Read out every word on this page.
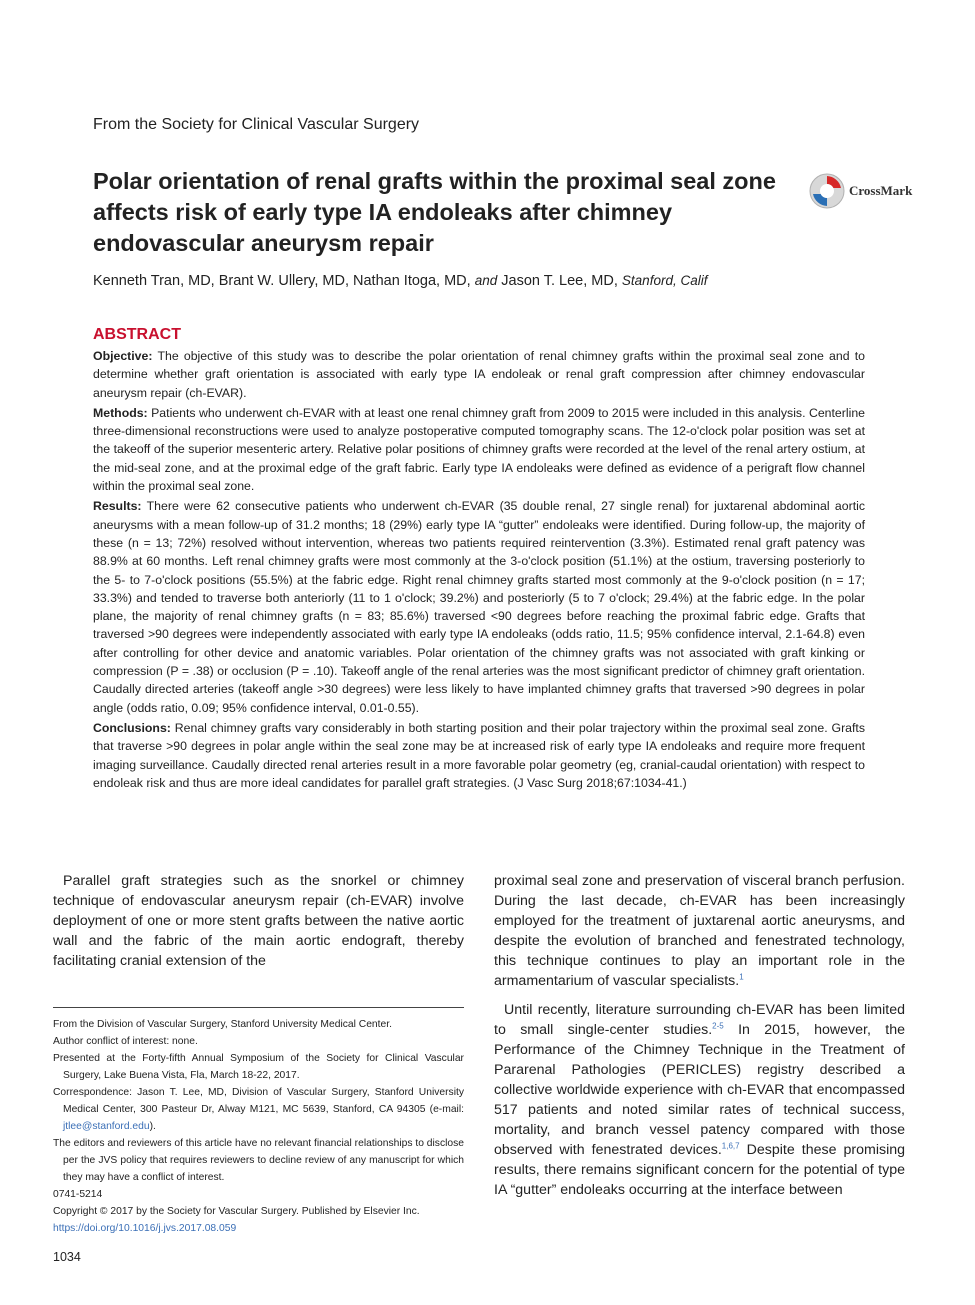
From the Society for Clinical Vascular Surgery
Polar orientation of renal grafts within the proximal seal zone affects risk of early type IA endoleaks after chimney endovascular aneurysm repair
CrossMark
Kenneth Tran, MD, Brant W. Ullery, MD, Nathan Itoga, MD, and Jason T. Lee, MD, Stanford, Calif
ABSTRACT

Objective: The objective of this study was to describe the polar orientation of renal chimney grafts within the proximal seal zone and to determine whether graft orientation is associated with early type IA endoleak or renal graft compression after chimney endovascular aneurysm repair (ch-EVAR).

Methods: Patients who underwent ch-EVAR with at least one renal chimney graft from 2009 to 2015 were included in this analysis. Centerline three-dimensional reconstructions were used to analyze postoperative computed tomography scans. The 12-o'clock polar position was set at the takeoff of the superior mesenteric artery. Relative polar positions of chimney grafts were recorded at the level of the renal artery ostium, at the mid-seal zone, and at the proximal edge of the graft fabric. Early type IA endoleaks were defined as evidence of a perigraft flow channel within the proximal seal zone.

Results: There were 62 consecutive patients who underwent ch-EVAR (35 double renal, 27 single renal) for juxtarenal abdominal aortic aneurysms with a mean follow-up of 31.2 months; 18 (29%) early type IA “gutter” endoleaks were identified. During follow-up, the majority of these (n = 13; 72%) resolved without intervention, whereas two patients required reintervention (3.3%). Estimated renal graft patency was 88.9% at 60 months. Left renal chimney grafts were most commonly at the 3-o'clock position (51.1%) at the ostium, traversing posteriorly to the 5- to 7-o'clock positions (55.5%) at the fabric edge. Right renal chimney grafts started most commonly at the 9-o'clock position (n = 17; 33.3%) and tended to traverse both anteriorly (11 to 1 o'clock; 39.2%) and posteriorly (5 to 7 o'clock; 29.4%) at the fabric edge. In the polar plane, the majority of renal chimney grafts (n = 83; 85.6%) traversed <90 degrees before reaching the proximal fabric edge. Grafts that traversed >90 degrees were independently associated with early type IA endoleaks (odds ratio, 11.5; 95% confidence interval, 2.1-64.8) even after controlling for other device and anatomic variables. Polar orientation of the chimney grafts was not associated with graft kinking or compression (P = .38) or occlusion (P = .10). Takeoff angle of the renal arteries was the most significant predictor of chimney graft orientation. Caudally directed arteries (takeoff angle >30 degrees) were less likely to have implanted chimney grafts that traversed >90 degrees in polar angle (odds ratio, 0.09; 95% confidence interval, 0.01-0.55).

Conclusions: Renal chimney grafts vary considerably in both starting position and their polar trajectory within the proximal seal zone. Grafts that traverse >90 degrees in polar angle within the seal zone may be at increased risk of early type IA endoleaks and require more frequent imaging surveillance. Caudally directed renal arteries result in a more favorable polar geometry (eg, cranial-caudal orientation) with respect to endoleak risk and thus are more ideal candidates for parallel graft strategies. (J Vasc Surg 2018;67:1034-41.)

Parallel graft strategies such as the snorkel or chimney technique of endovascular aneurysm repair (ch-EVAR) involve deployment of one or more stent grafts between the native aortic wall and the fabric of the main aortic endograft, thereby facilitating cranial extension of the

proximal seal zone and preservation of visceral branch perfusion. During the last decade, ch-EVAR has been increasingly employed for the treatment of juxtarenal aortic aneurysms, and despite the evolution of branched and fenestrated technology, this technique continues to play an important role in the armamentarium of vascular specialists.$^1$

Until recently, literature surrounding ch-EVAR has been limited to small single-center studies.$^{2-5}$ In 2015, however, the Performance of the Chimney Technique in the Treatment of Pararenal Pathologies (PERICLES) registry described a collective worldwide experience with ch-EVAR that encompassed 517 patients and noted similar rates of technical success, mortality, and branch vessel patency compared with those observed with fenestrated devices.$^{1,6,7}$ Despite these promising results, there remains significant concern for the potential of type IA “gutter” endoleaks occurring at the interface between

From the Division of Vascular Surgery, Stanford University Medical Center.

Author conflict of interest: none.

Presented at the Forty-fifth Annual Symposium of the Society for Clinical Vascular Surgery, Lake Buena Vista, Fla, March 18-22, 2017.

Correspondence: Jason T. Lee, MD, Division of Vascular Surgery, Stanford University Medical Center, 300 Pasteur Dr, Alway M121, MC 5639, Stanford, CA 94305 (e-mail: jtlee@stanford.edu).

The editors and reviewers of this article have no relevant financial relationships to disclose per the JVS policy that requires reviewers to decline review of any manuscript for which they may have a conflict of interest.

0741-5214

Copyright © 2017 by the Society for Vascular Surgery. Published by Elsevier Inc.

https://doi.org/10.1016/j.jvs.2017.08.059

1034
